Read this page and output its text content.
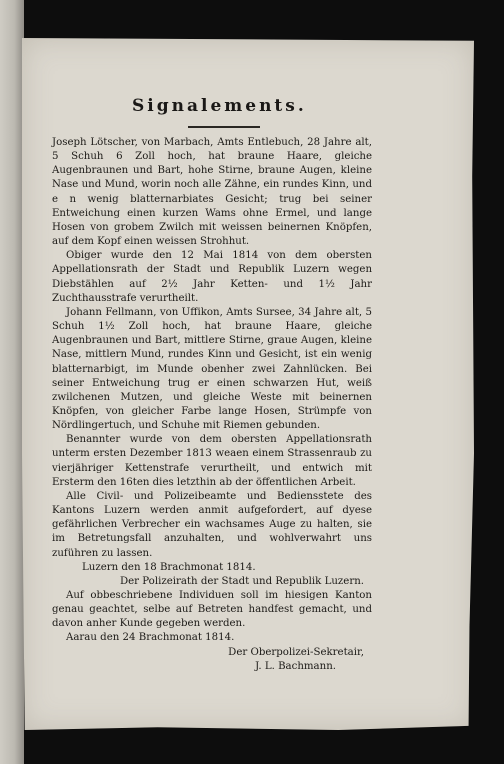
Signalements.

Joseph Lötscher, von Marbach, Amts Entlebuch, 28 Jahre alt, 5 Schuh 6 Zoll hoch, hat braune Haare, gleiche Augenbraunen und Bart, hohe Stirne, braune Augen, kleine Nase und Mund, worin noch alle Zähne, ein rundes Kinn, und e n wenig blatternarbiates Gesicht; trug bei seiner Entweichung einen kurzen Wams ohne Ermel, und lange Hosen von grobem Zwilch mit weissen beinernen Knöpfen, auf dem Kopf einen weissen Strohhut.

Obiger wurde den 12 Mai 1814 von dem obersten Appellationsrath der Stadt und Republik Luzern wegen Diebstählen auf 2½ Jahr Ketten- und 1½ Jahr Zuchthausstrafe verurtheilt.

Johann Fellmann, von Uffikon, Amts Sursee, 34 Jahre alt, 5 Schuh 1½ Zoll hoch, hat braune Haare, gleiche Augenbraunen und Bart, mittlere Stirne, graue Augen, kleine Nase, mittlern Mund, rundes Kinn und Gesicht, ist ein wenig blatternarbigt, im Munde obenher zwei Zahnlücken. Bei seiner Entweichung trug er einen schwarzen Hut, weiß zwilchenen Mutzen, und gleiche Weste mit beinernen Knöpfen, von gleicher Farbe lange Hosen, Strümpfe von Nördlingertuch, und Schuhe mit Riemen gebunden.

Benannter wurde von dem obersten Appellationsrath unterm ersten Dezember 1813 weaen einem Strassenraub zu vierjähriger Kettenstrafe verurtheilt, und entwich mit Ersterm den 16ten dies letzthin ab der öffentlichen Arbeit.

Alle Civil- und Polizeibeamte und Bediensstete des Kantons Luzern werden anmit aufgefordert, auf dyese gefährlichen Verbrecher ein wachsames Auge zu halten, sie im Betretungsfall anzuhalten, und wohlverwahrt uns zuführen zu lassen.

Luzern den 18 Brachmonat 1814.

Der Polizeirath der Stadt und Republik Luzern.

Auf obbeschriebene Individuen soll im hiesigen Kanton genau geachtet, selbe auf Betreten handfest gemacht, und davon anher Kunde gegeben werden.

Aarau den 24 Brachmonat 1814.

Der Oberpolizei-Sekretair,

J. L. Bachmann.
